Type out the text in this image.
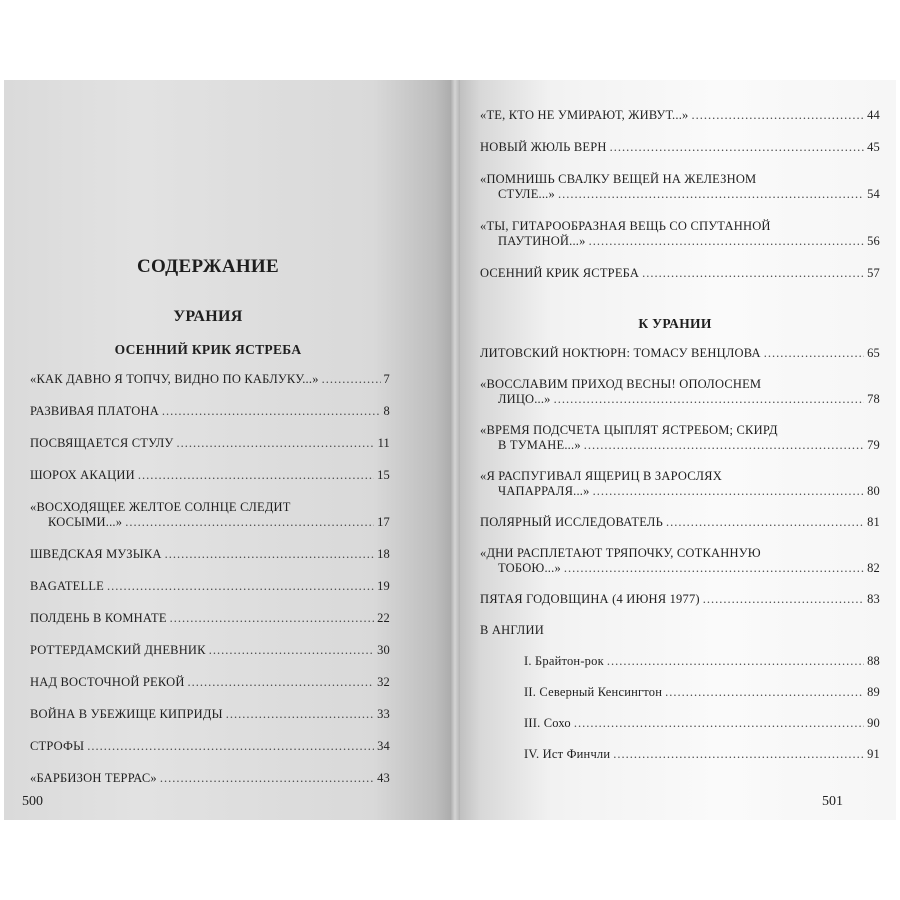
СОДЕРЖАНИЕ
УРАНИЯ
ОСЕННИЙ КРИК ЯСТРЕБА
«КАК ДАВНО Я ТОПЧУ, ВИДНО ПО КАБЛУКУ...» .....	7
РАЗВИВАЯ ПЛАТОНА .....	8
ПОСВЯЩАЕТСЯ СТУЛУ .....	11
ШОРОХ АКАЦИИ .....	15
«ВОСХОДЯЩЕЕ ЖЕЛТОЕ СОЛНЦЕ СЛЕДИТ
КОСЫМИ...» .....	17
ШВЕДСКАЯ МУЗЫКА .....	18
BAGATELLE .....	19
ПОЛДЕНЬ В КОМНАТЕ .....	22
РОТТЕРДАМСКИЙ ДНЕВНИК .....	30
НАД ВОСТОЧНОЙ РЕКОЙ .....	32
ВОЙНА В УБЕЖИЩЕ КИПРИДЫ .....	33
СТРОФЫ .....	34
«БАРБИЗОН ТЕРРАС» .....	43
500
«ТЕ, КТО НЕ УМИРАЮТ, ЖИВУТ...» .....	44
НОВЫЙ ЖЮЛЬ ВЕРН .....	45
«ПОМНИШЬ СВАЛКУ ВЕЩЕЙ НА ЖЕЛЕЗНОМ
СТУЛЕ...» .....	54
«ТЫ, ГИТАРООБРАЗНАЯ ВЕЩЬ СО СПУТАННОЙ
ПАУТИНОЙ...» .....	56
ОСЕННИЙ КРИК ЯСТРЕБА .....	57
К УРАНИИ
ЛИТОВСКИЙ НОКТЮРН: ТОМАСУ ВЕНЦЛОВА .....	65
«ВОССЛАВИМ ПРИХОД ВЕСНЫ! ОПОЛОСНЕМ
ЛИЦО...» .....	78
«ВРЕМЯ ПОДСЧЕТА ЦЫПЛЯТ ЯСТРЕБОМ; СКИРД
В ТУМАНЕ...» .....	79
«Я РАСПУГИВАЛ ЯЩЕРИЦ В ЗАРОСЛЯХ
ЧАПАРРАЛЯ...» .....	80
ПОЛЯРНЫЙ ИССЛЕДОВАТЕЛЬ .....	81
«ДНИ РАСПЛЕТАЮТ ТРЯПОЧКУ, СОТКАННУЮ
ТОБОЮ...» .....	82
ПЯТАЯ ГОДОВЩИНА (4 ИЮНЯ 1977) .....	83
В АНГЛИИ
I. Брайтон-рок .....	88
II. Северный Кенсингтон .....	89
III. Сохо .....	90
IV. Ист Финчли .....	91
501
